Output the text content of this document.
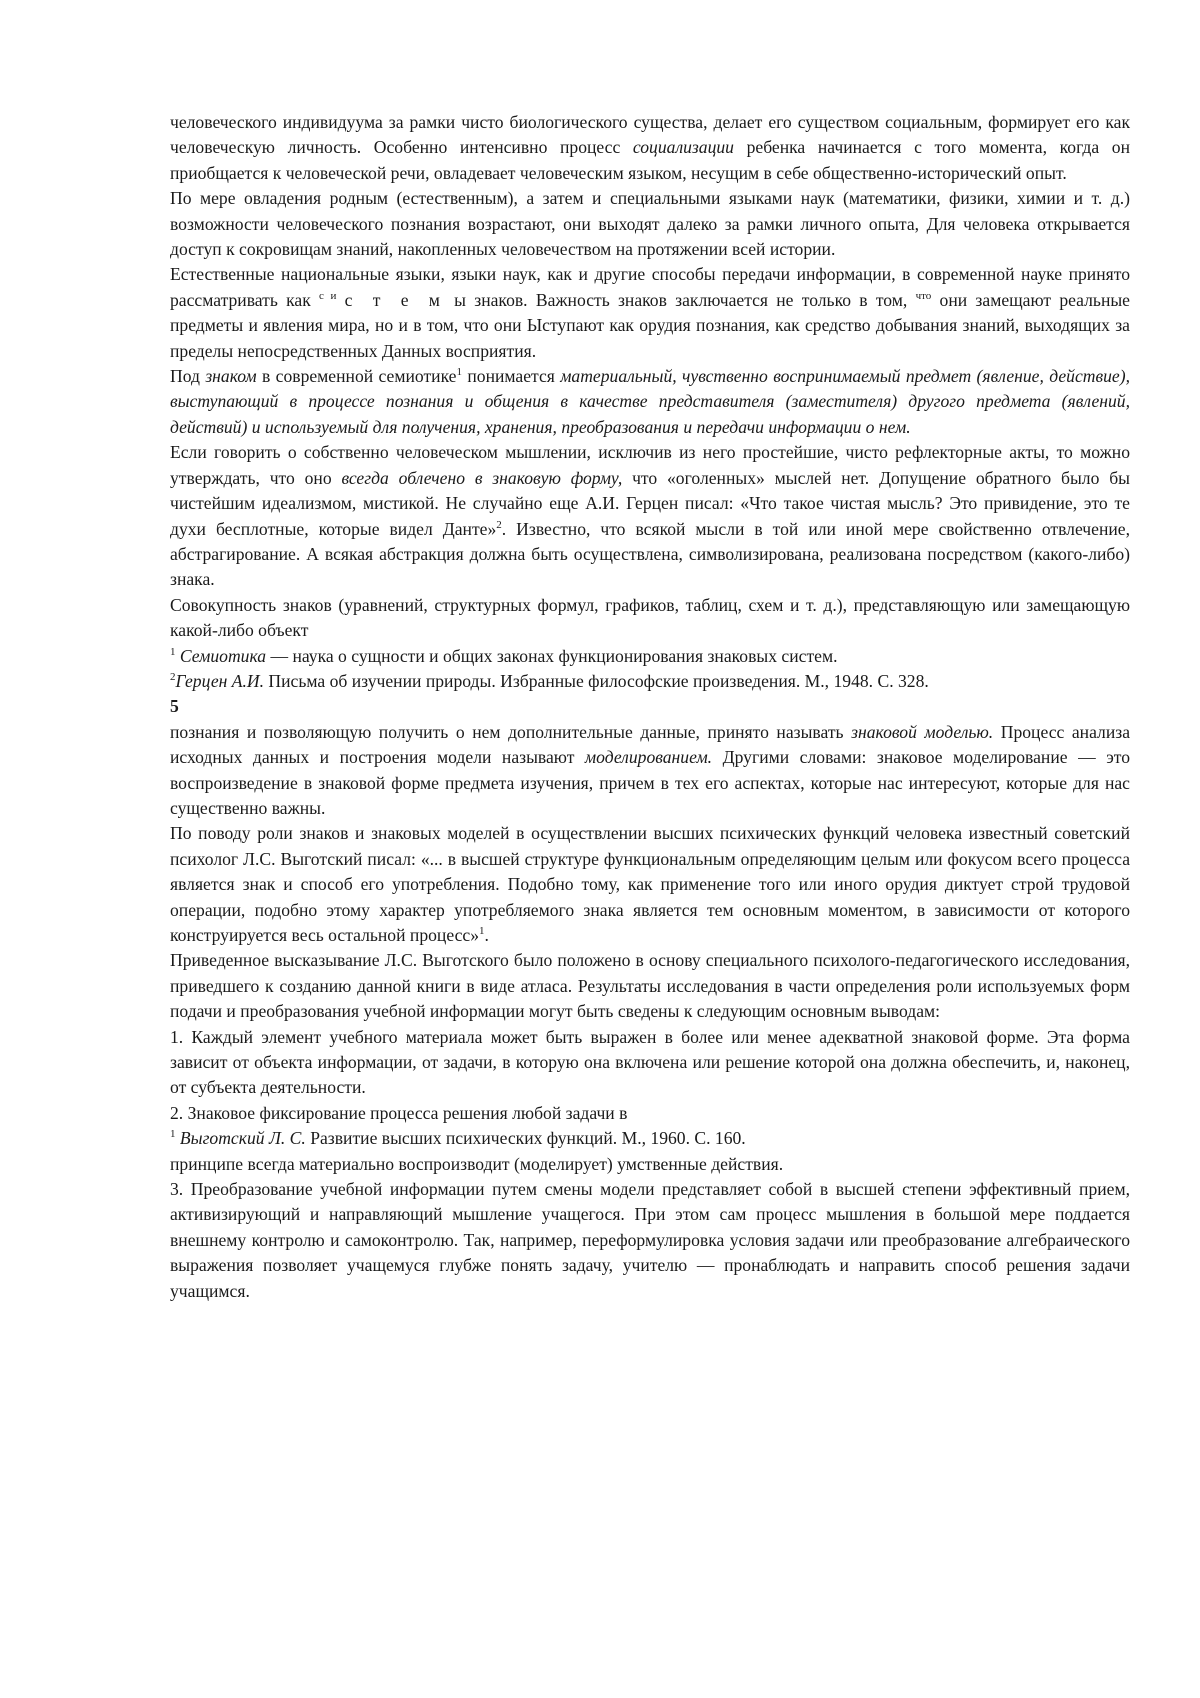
человеческого индивидуума за рамки чисто биологического существа, делает его существом социальным, формирует его как человеческую личность. Особенно интенсивно процесс социализации ребенка начинается с того момента, когда он приобщается к человеческой речи, овладевает человеческим языком, несущим в себе общественно-исторический опыт.

По мере овладения родным (естественным), а затем и специальными языками наук (математики, физики, химии и т. д.) возможности человеческого познания возрастают, они выходят далеко за рамки личного опыта, Для человека открывается доступ к сокровищам знаний, накопленных человечеством на протяжении всей истории.

Естественные национальные языки, языки наук, как и другие способы передачи информации, в современной науке принято рассматривать как $^{с и}$ с т е м ы знаков. Важность знаков заключается не только в том, $^{что}$ они замещают реальные предметы и явления мира, но и в том, что они Ыступают как орудия познания, как средство добывания знаний, выходящих за пределы непосредственных Данных восприятия.

Под знаком в современной семиотике$^1$ понимается материальный, чувственно воспринимаемый предмет (явление, действие), выступающий в процессе познания и общения в качестве представителя (заместителя) другого предмета (явлений, действий) и используемый для получения, хранения, преобразования и передачи информации о нем.

Если говорить о собственно человеческом мышлении, исключив из него простейшие, чисто рефлекторные акты, то можно утверждать, что оно всегда облечено в знаковую форму, что «оголенных» мыслей нет. Допущение обратного было бы чистейшим идеализмом, мистикой. Не случайно еще А.И. Герцен писал: «Что такое чистая мысль? Это привидение, это те духи бесплотные, которые видел Данте»$^2$. Известно, что всякой мысли в той или иной мере свойственно отвлечение, абстрагирование. А всякая абстракция должна быть осуществлена, символизирована, реализована посредством (какого-либо) знака.

Совокупность знаков (уравнений, структурных формул, графиков, таблиц, схем и т. д.), представляющую или замещающую какой-либо объект

$^1$ Семиотика — наука о сущности и общих законах функционирования знаковых систем.

$^2$Герцен А.И. Письма об изучении природы. Избранные философские произведения. М., 1948. С. 328.

5

познания и позволяющую получить о нем дополнительные данные, принято называть знаковой моделью. Процесс анализа исходных данных и построения модели называют моделированием. Другими словами: знаковое моделирование — это воспроизведение в знаковой форме предмета изучения, причем в тех его аспектах, которые нас интересуют, которые для нас существенно важны.

По поводу роли знаков и знаковых моделей в осуществлении высших психических функций человека известный советский психолог Л.С. Выготский писал: «... в высшей структуре функциональным определяющим целым или фокусом всего процесса является знак и способ его употребления. Подобно тому, как применение того или иного орудия диктует строй трудовой операции, подобно этому характер употребляемого знака является тем основным моментом, в зависимости от которого конструируется весь остальной процесс»$^1$.

Приведенное высказывание Л.С. Выготского было положено в основу специального психолого-педагогического исследования, приведшего к созданию данной книги в виде атласа. Результаты исследования в части определения роли используемых форм подачи и преобразования учебной информации могут быть сведены к следующим основным выводам:

1. Каждый элемент учебного материала может быть выражен в более или менее адекватной знаковой форме. Эта форма зависит от объекта информации, от задачи, в которую она включена или решение которой она должна обеспечить, и, наконец, от субъекта деятельности.

2. Знаковое фиксирование процесса решения любой задачи в

$^1$ Выготский Л. С. Развитие высших психических функций. М., 1960. С. 160.

принципе всегда материально воспроизводит (моделирует) умственные действия.

3. Преобразование учебной информации путем смены модели представляет собой в высшей степени эффективный прием, активизирующий и направляющий мышление учащегося. При этом сам процесс мышления в большой мере поддается внешнему контролю и самоконтролю. Так, например, переформулировка условия задачи или преобразование алгебраического выражения позволяет учащемуся глубже понять задачу, учителю — пронаблюдать и направить способ решения задачи учащимся.
